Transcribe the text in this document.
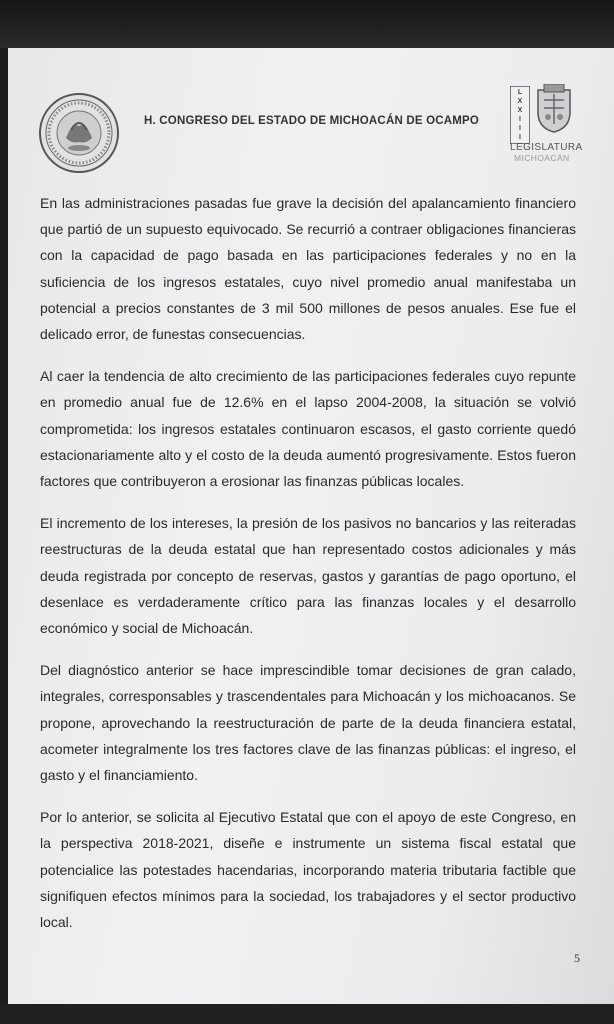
H. CONGRESO DEL ESTADO DE MICHOACÁN DE OCAMPO
L
X
X
I
I
I
LEGISLATURA
MICHOACÁN

En las administraciones pasadas fue grave la decisión del apalancamiento financiero que partió de un supuesto equivocado. Se recurrió a contraer obligaciones financieras con la capacidad de pago basada en las participaciones federales y no en la suficiencia de los ingresos estatales, cuyo nivel promedio anual manifestaba un potencial a precios constantes de 3 mil 500 millones de pesos anuales. Ese fue el delicado error, de funestas consecuencias.

Al caer la tendencia de alto crecimiento de las participaciones federales cuyo repunte en promedio anual fue de 12.6% en el lapso 2004-2008, la situación se volvió comprometida: los ingresos estatales continuaron escasos, el gasto corriente quedó estacionariamente alto y el costo de la deuda aumentó progresivamente. Estos fueron factores que contribuyeron a erosionar las finanzas públicas locales.

El incremento de los intereses, la presión de los pasivos no bancarios y las reiteradas reestructuras de la deuda estatal que han representado costos adicionales y más deuda registrada por concepto de reservas, gastos y garantías de pago oportuno, el desenlace es verdaderamente crítico para las finanzas locales y el desarrollo económico y social de Michoacán.

Del diagnóstico anterior se hace imprescindible tomar decisiones de gran calado, integrales, corresponsables y trascendentales para Michoacán y los michoacanos. Se propone, aprovechando la reestructuración de parte de la deuda financiera estatal, acometer integralmente los tres factores clave de las finanzas públicas: el ingreso, el gasto y el financiamiento.

Por lo anterior, se solicita al Ejecutivo Estatal que con el apoyo de este Congreso, en la perspectiva 2018-2021, diseñe e instrumente un sistema fiscal estatal que potencialice las potestades hacendarias, incorporando materia tributaria factible que signifiquen efectos mínimos para la sociedad, los trabajadores y el sector productivo local.

5
